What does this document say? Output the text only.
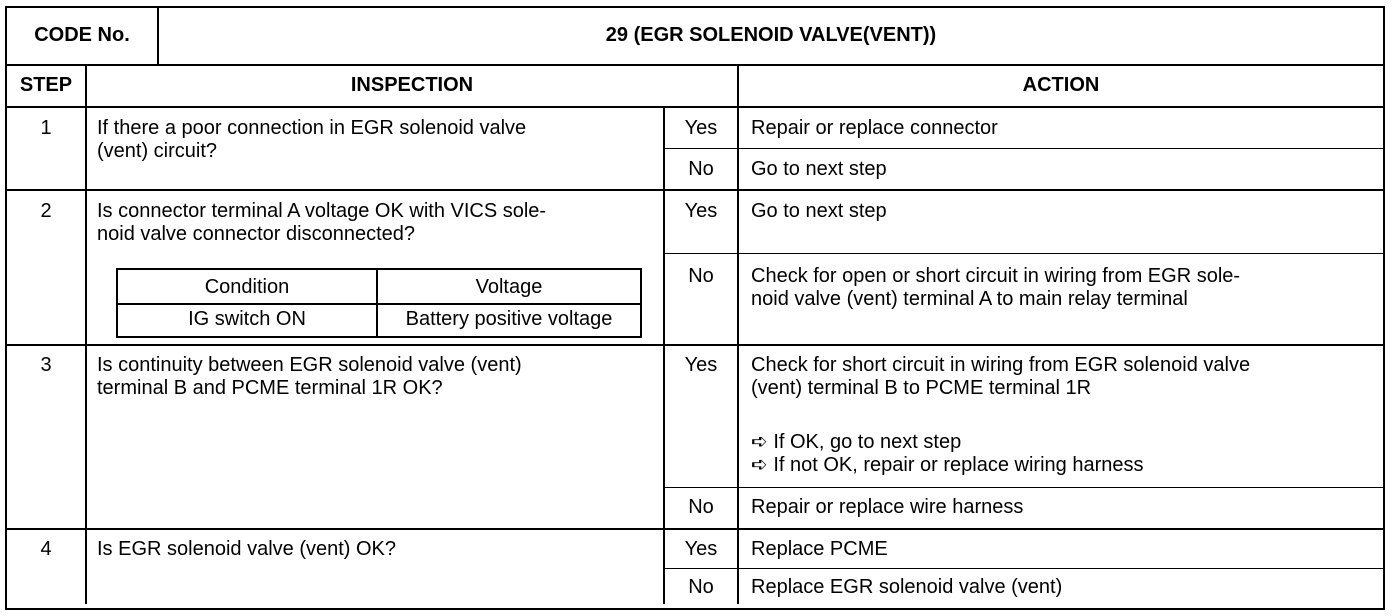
CODE No.	29 (EGR SOLENOID VALVE(VENT))
STEP	INSPECTION	ACTION
1	If there a poor connection in EGR solenoid valve
(vent) circuit?
Yes	Repair or replace connector
No	Go to next step
2	Is connector terminal A voltage OK with VICS sole-
noid valve connector disconnected?
Yes	Go to next step
No	Check for open or short circuit in wiring from EGR sole-
noid valve (vent) terminal A to main relay terminal
Condition	Voltage
IG switch ON	Battery positive voltage
3	Is continuity between EGR solenoid valve (vent)
terminal B and PCME terminal 1R OK?
Yes	Check for short circuit in wiring from EGR solenoid valve
(vent) terminal B to PCME terminal 1R
➪ If OK, go to next step
➪ If not OK, repair or replace wiring harness
No	Repair or replace wire harness
4	Is EGR solenoid valve (vent) OK?	Yes	Replace PCME
No	Replace EGR solenoid valve (vent)
